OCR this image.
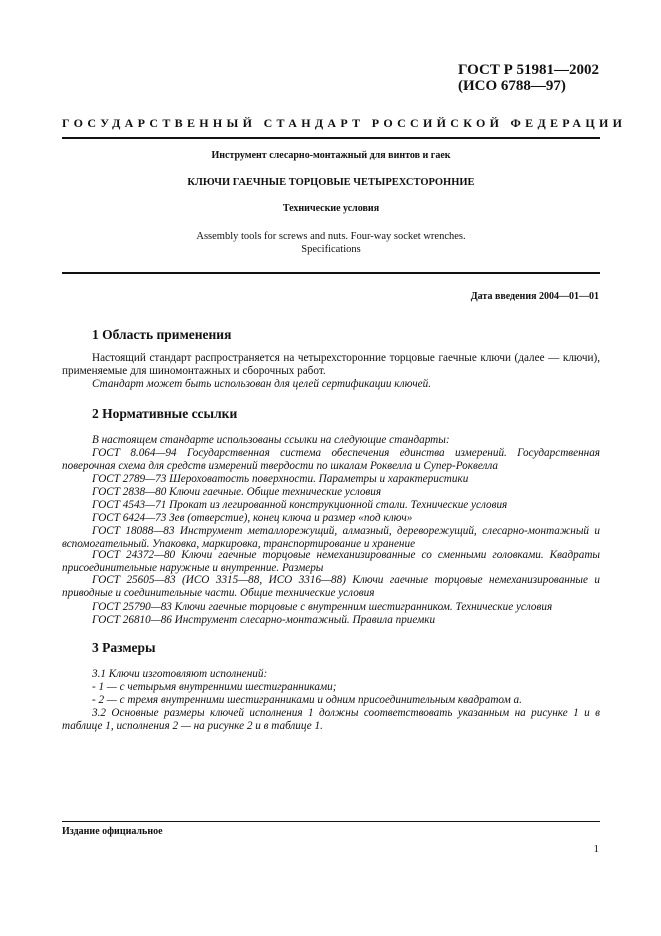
ГОСТ Р 51981—2002
(ИСО 6788—97)
ГОСУДАРСТВЕННЫЙ СТАНДАРТ РОССИЙСКОЙ ФЕДЕРАЦИИ
Инструмент слесарно-монтажный для винтов и гаек
КЛЮЧИ ГАЕЧНЫЕ ТОРЦОВЫЕ ЧЕТЫРЕХСТОРОННИЕ
Технические условия
Assembly tools for screws and nuts. Four-way socket wrenches.
Specifications
Дата введения 2004—01—01
1 Область применения
Настоящий стандарт распространяется на четырехсторонние торцовые гаечные ключи (далее — ключи), применяемые для шиномонтажных и сборочных работ.
Стандарт может быть использован для целей сертификации ключей.
2 Нормативные ссылки
В настоящем стандарте использованы ссылки на следующие стандарты:
ГОСТ 8.064—94 Государственная система обеспечения единства измерений. Государственная поверочная схема для средств измерений твердости по шкалам Роквелла и Супер-Роквелла
ГОСТ 2789—73 Шероховатость поверхности. Параметры и характеристики
ГОСТ 2838—80 Ключи гаечные. Общие технические условия
ГОСТ 4543—71 Прокат из легированной конструкционной стали. Технические условия
ГОСТ 6424—73 Зев (отверстие), конец ключа и размер «под ключ»
ГОСТ 18088—83 Инструмент металлорежущий, алмазный, дереворежущий, слесарно-монтажный и вспомогательный. Упаковка, маркировка, транспортирование и хранение
ГОСТ 24372—80 Ключи гаечные торцовые немеханизированные со сменными головками. Квадраты присоединительные наружные и внутренние. Размеры
ГОСТ 25605—83 (ИСО 3315—88, ИСО 3316—88) Ключи гаечные торцовые немеханизированные и приводные и соединительные части. Общие технические условия
ГОСТ 25790—83 Ключи гаечные торцовые с внутренним шестигранником. Технические условия
ГОСТ 26810—86 Инструмент слесарно-монтажный. Правила приемки
3 Размеры
3.1 Ключи изготовляют исполнений:
- 1 — с четырьмя внутренними шестигранниками;
- 2 — с тремя внутренними шестигранниками и одним присоединительным квадратом а.
3.2 Основные размеры ключей исполнения 1 должны соответствовать указанным на рисунке 1 и в таблице 1, исполнения 2 — на рисунке 2 и в таблице 1.
Издание официальное
1
